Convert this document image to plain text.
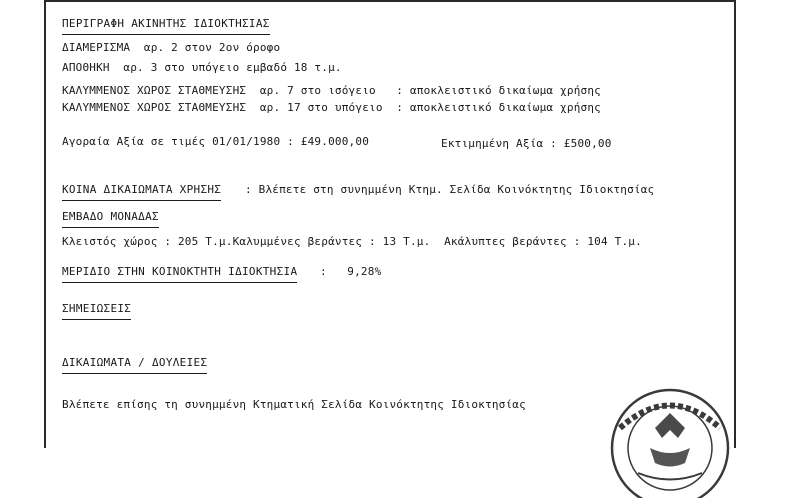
ΠΕΡΙΓΡΑΦΗ ΑΚΙΝΗΤΗΣ ΙΔΙΟΚΤΗΣΙΑΣ
ΔΙΑΜΕΡΙΣΜΑ  αρ. 2 στον 2ον όροφο
ΑΠΟΘΗΚΗ  αρ. 3 στο υπόγειο εμβαδό 18 τ.μ.
ΚΑΛΥΜΜΕΝΟΣ ΧΩΡΟΣ ΣΤΑΘΜΕΥΣΗΣ  αρ. 7 στο ισόγειο   : αποκλειστικό δικαίωμα χρήσης
ΚΑΛΥΜΜΕΝΟΣ ΧΩΡΟΣ ΣΤΑΘΜΕΥΣΗΣ  αρ. 17 στο υπόγειο  : αποκλειστικό δικαίωμα χρήσης
Αγοραία Αξία σε τιμές 01/01/1980 : £49.000,00	Εκτιμημένη Αξία : £500,00
ΚΟΙΝΑ ΔΙΚΑΙΩΜΑΤΑ ΧΡΗΣΗΣ : Βλέπετε στη συνημμένη Κτημ. Σελίδα Κοινόκτητης Ιδιοκτησίας
ΕΜΒΑΔΟ ΜΟΝΑΔΑΣ
Κλειστός χώρος : 205 Τ.μ.Καλυμμένες βεράντες : 13 Τ.μ.  Ακάλυπτες βεράντες : 104 Τ.μ.
ΜΕΡΙΔΙΟ ΣΤΗΝ ΚΟΙΝΟΚΤΗΤΗ ΙΔΙΟΚΤΗΣΙΑ :   9,28%
ΣΗΜΕΙΩΣΕΙΣ
ΔΙΚΑΙΩΜΑΤΑ / ΔΟΥΛΕΙΕΣ
Βλέπετε επίσης τη συνημμένη Κτηματική Σελίδα Κοινόκτητης Ιδιοκτησίας
